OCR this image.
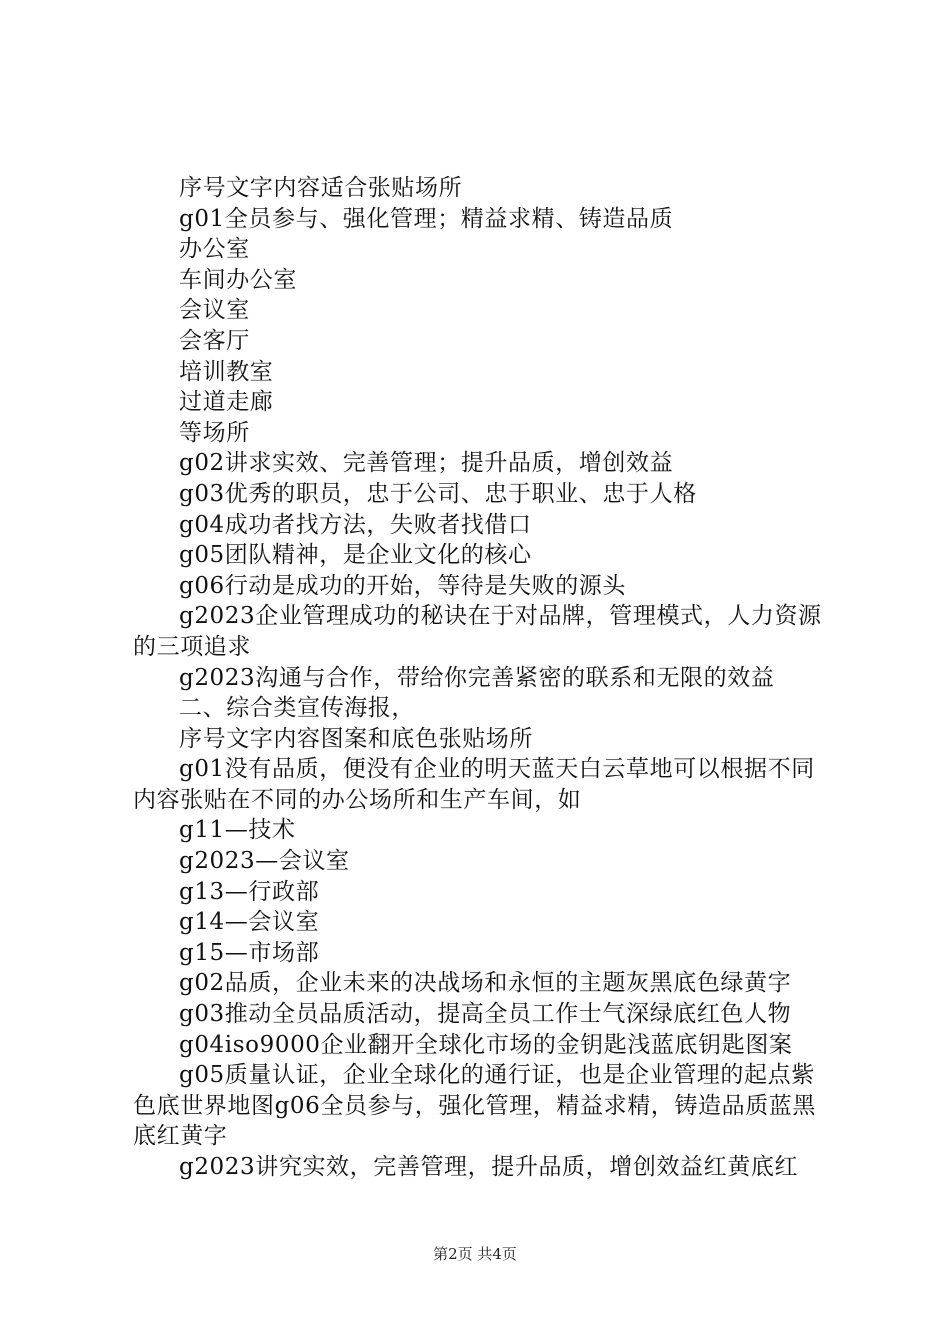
序号文字内容适合张贴场所

g01全员参与、强化管理；精益求精、铸造品质

办公室

车间办公室

会议室

会客厅

培训教室

过道走廊

等场所

g02讲求实效、完善管理；提升品质，增创效益

g03优秀的职员，忠于公司、忠于职业、忠于人格

g04成功者找方法，失败者找借口

g05团队精神，是企业文化的核心

g06行动是成功的开始，等待是失败的源头

g2023企业管理成功的秘诀在于对品牌，管理模式，人力资源的三项追求

g2023沟通与合作，带给你完善紧密的联系和无限的效益

二、综合类宣传海报，

序号文字内容图案和底色张贴场所

g01没有品质，便没有企业的明天蓝天白云草地可以根据不同内容张贴在不同的办公场所和生产车间，如

g11—技术

g2023—会议室

g13—行政部

g14—会议室

g15—市场部

g02品质，企业未来的决战场和永恒的主题灰黑底色绿黄字

g03推动全员品质活动，提高全员工作士气深绿底红色人物

g04iso9000企业翻开全球化市场的金钥匙浅蓝底钥匙图案

g05质量认证，企业全球化的通行证，也是企业管理的起点紫色底世界地图g06全员参与，强化管理，精益求精，铸造品质蓝黑底红黄字

g2023讲究实效，完善管理，提升品质，增创效益红黄底红

第2页 共4页
